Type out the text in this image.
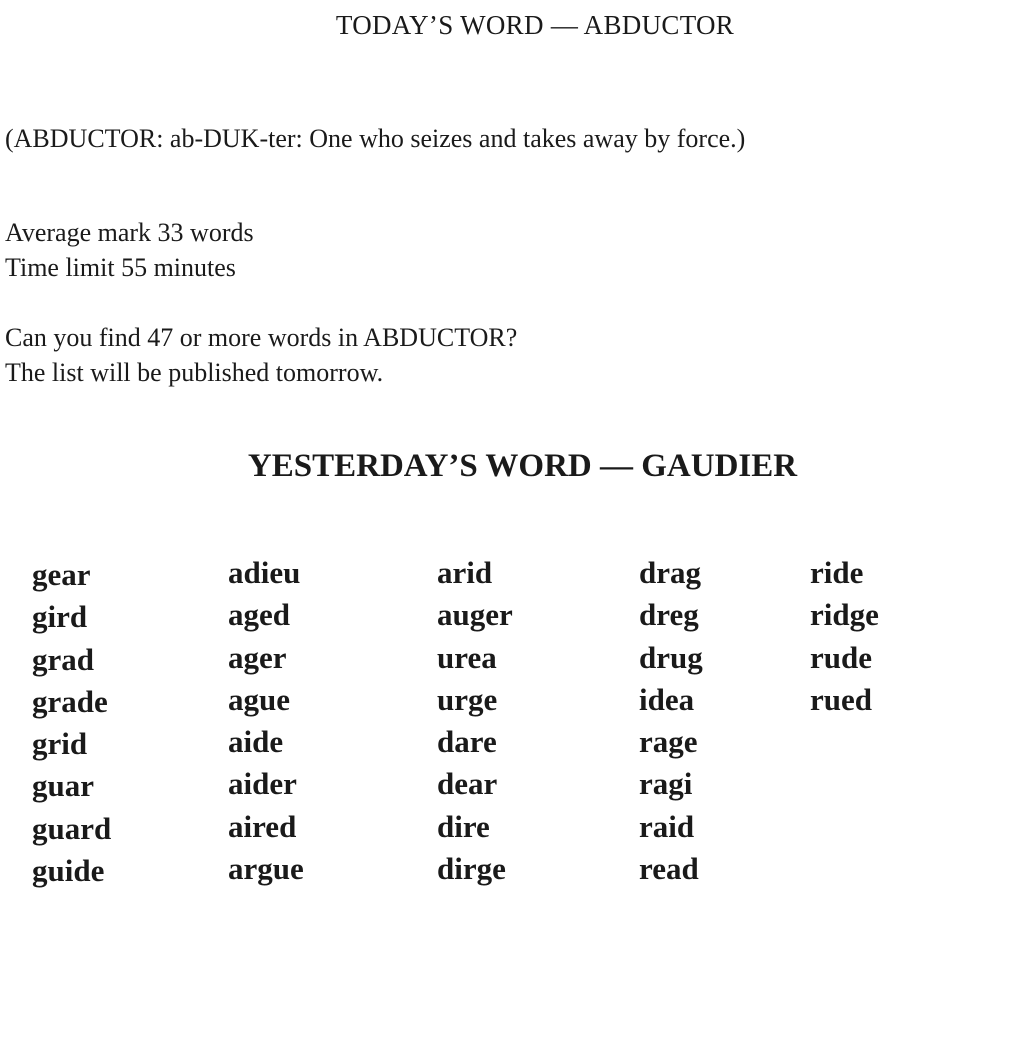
TODAY’S WORD — ABDUCTOR
(ABDUCTOR: ab-DUK-ter: One who seizes and takes away by force.)
Average mark 33 words
Time limit 55 minutes
Can you find 47 or more words in ABDUCTOR?
The list will be published tomorrow.
YESTERDAY’S WORD — GAUDIER
gear
gird
grad
grade
grid
guar
guard
guide
adieu
aged
ager
ague
aide
aider
aired
argue
arid
auger
urea
urge
dare
dear
dire
dirge
drag
dreg
drug
idea
rage
ragi
raid
read
ride
ridge
rude
rued
